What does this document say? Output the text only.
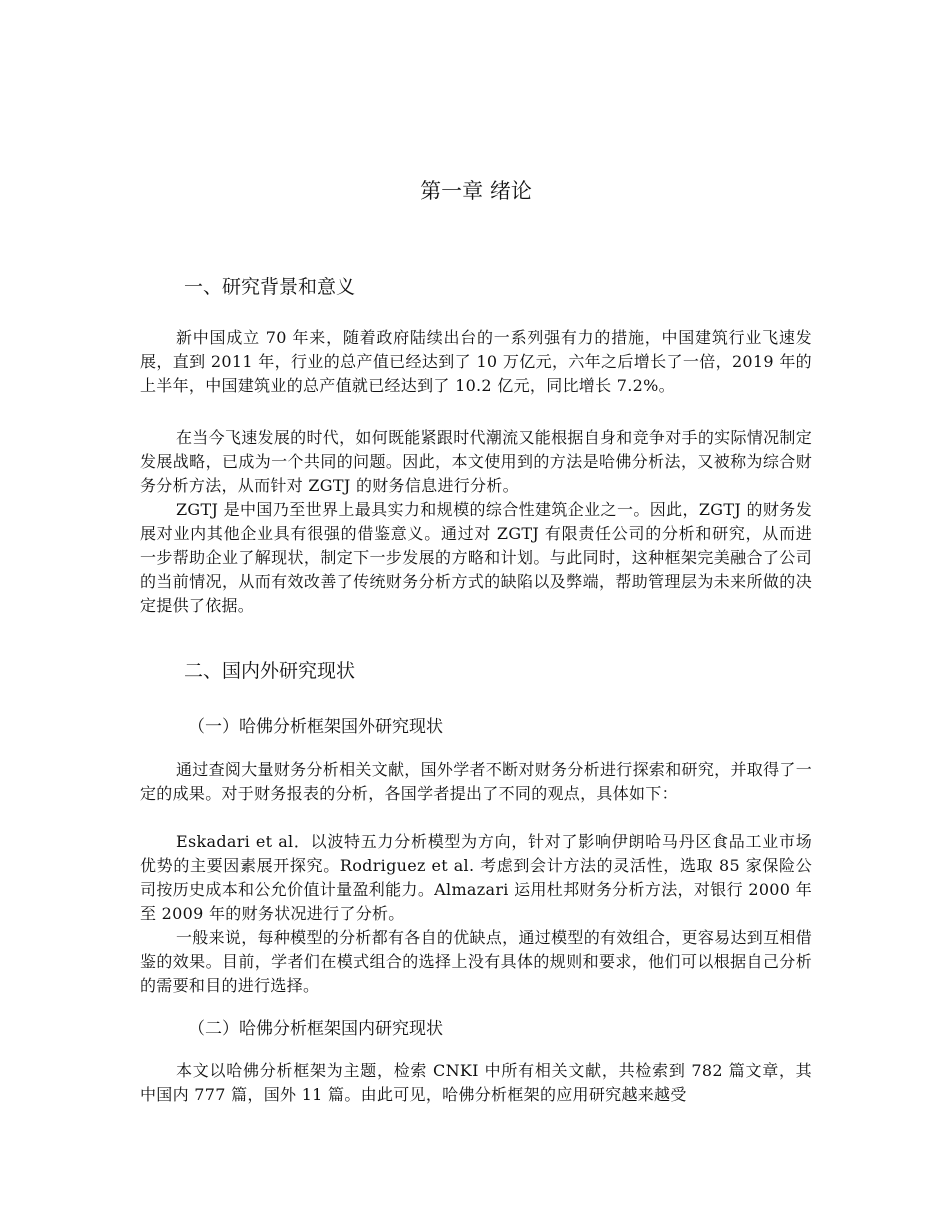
第一章 绪论
一、研究背景和意义

新中国成立 70 年来，随着政府陆续出台的一系列强有力的措施，中国建筑行业飞速发展，直到 2011 年，行业的总产值已经达到了 10 万亿元，六年之后增长了一倍，2019 年的上半年，中国建筑业的总产值就已经达到了 10.2 亿元，同比增长 7.2%。

在当今飞速发展的时代，如何既能紧跟时代潮流又能根据自身和竞争对手的实际情况制定发展战略，已成为一个共同的问题。因此，本文使用到的方法是哈佛分析法，又被称为综合财务分析方法，从而针对 ZGTJ 的财务信息进行分析。

ZGTJ 是中国乃至世界上最具实力和规模的综合性建筑企业之一。因此，ZGTJ 的财务发展对业内其他企业具有很强的借鉴意义。通过对 ZGTJ 有限责任公司的分析和研究，从而进一步帮助企业了解现状，制定下一步发展的方略和计划。与此同时，这种框架完美融合了公司的当前情况，从而有效改善了传统财务分析方式的缺陷以及弊端，帮助管理层为未来所做的决定提供了依据。

二、国内外研究现状
（一）哈佛分析框架国外研究现状

通过查阅大量财务分析相关文献，国外学者不断对财务分析进行探索和研究，并取得了一定的成果。对于财务报表的分析，各国学者提出了不同的观点，具体如下：

Eskadari et al．以波特五力分析模型为方向，针对了影响伊朗哈马丹区食品工业市场优势的主要因素展开探究。Rodriguez et al. 考虑到会计方法的灵活性，选取 85 家保险公司按历史成本和公允价值计量盈利能力。Almazari 运用杜邦财务分析方法，对银行 2000 年至 2009 年的财务状况进行了分析。

一般来说，每种模型的分析都有各自的优缺点，通过模型的有效组合，更容易达到互相借鉴的效果。目前，学者们在模式组合的选择上没有具体的规则和要求，他们可以根据自己分析的需要和目的进行选择。

（二）哈佛分析框架国内研究现状

本文以哈佛分析框架为主题，检索 CNKI 中所有相关文献，共检索到 782 篇文章，其中国内 777 篇，国外 11 篇。由此可见，哈佛分析框架的应用研究越来越受
